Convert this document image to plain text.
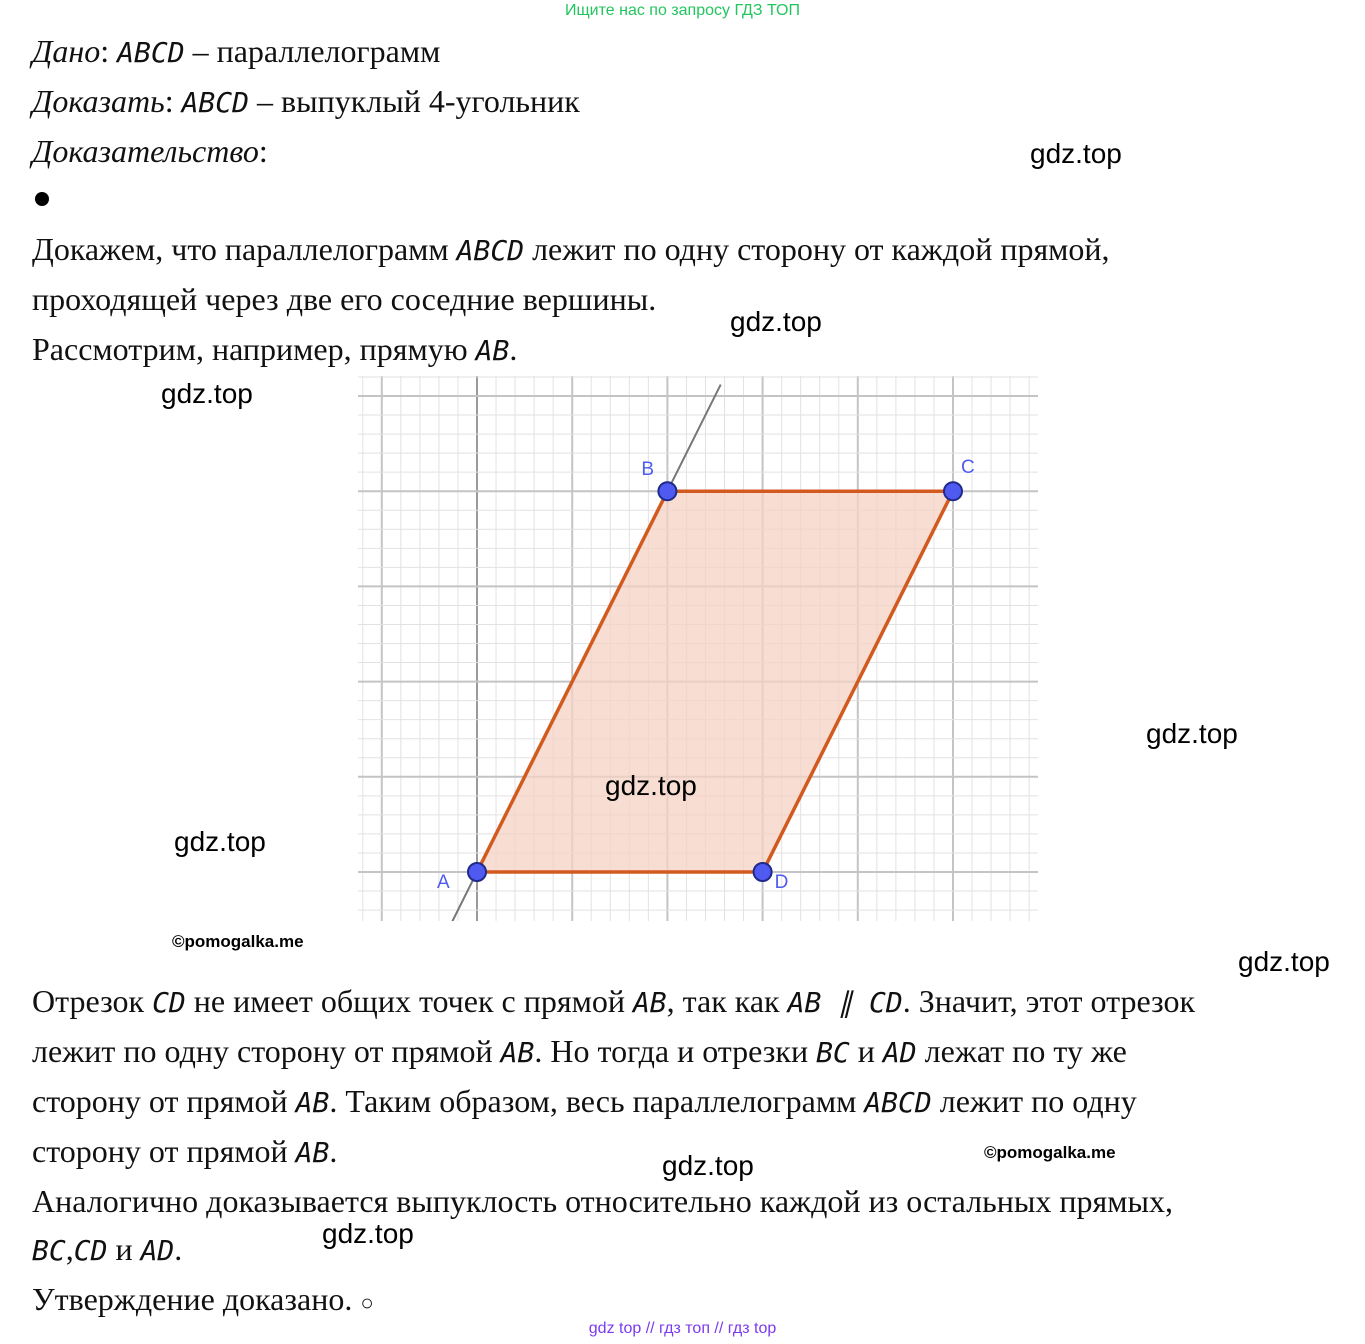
Ищите нас по запросу ГДЗ ТОП
Дано: ABCD – параллелограмм
Доказать: ABCD – выпуклый 4-угольник
Доказательство:
Докажем, что параллелограмм ABCD лежит по одну сторону от каждой прямой,
проходящей через две его соседние вершины.
Рассмотрим, например, прямую AB.
A
B	C
D
Отрезок CD не имеет общих точек с прямой AB, так как AB ∥ CD. Значит, этот отрезок
лежит по одну сторону от прямой AB. Но тогда и отрезки BC и AD лежат по ту же
сторону от прямой AB. Таким образом, весь параллелограмм ABCD лежит по одну
сторону от прямой AB.
Аналогично доказывается выпуклость относительно каждой из остальных прямых,
BC,CD и AD.
Утверждение доказано. ○
gdz.top
gdz.top
gdz.top
gdz.top
gdz.top
gdz.top
gdz.top
gdz.top
gdz.top
©pomogalka.me
©pomogalka.me
gdz top // гдз топ // гдз top
